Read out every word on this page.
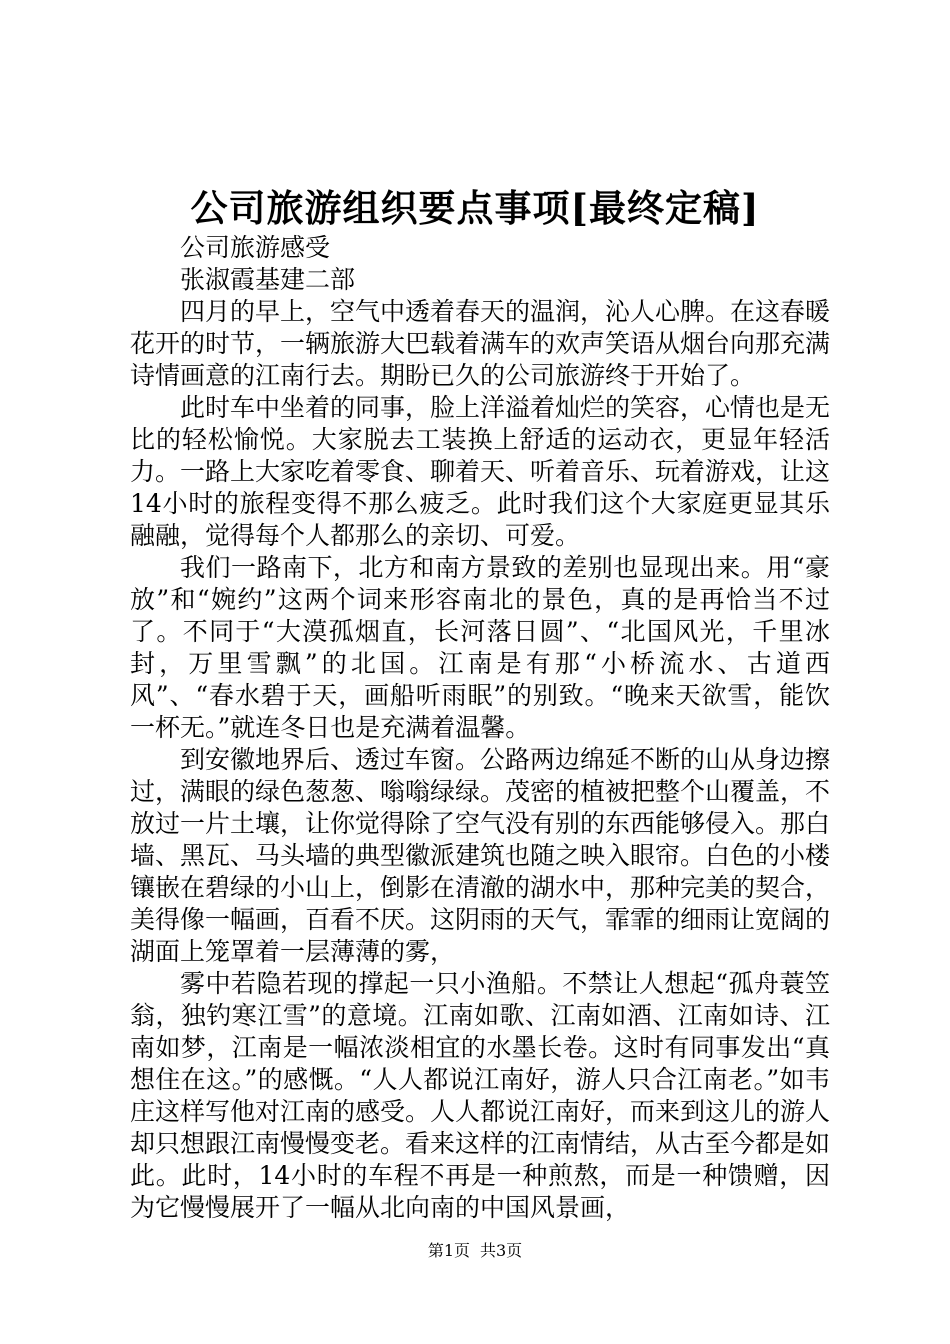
公司旅游组织要点事项[最终定稿]

公司旅游感受

张淑霞基建二部

四月的早上，空气中透着春天的温润，沁人心脾。在这春暖花开的时节，一辆旅游大巴载着满车的欢声笑语从烟台向那充满诗情画意的江南行去。期盼已久的公司旅游终于开始了。

此时车中坐着的同事，脸上洋溢着灿烂的笑容，心情也是无比的轻松愉悦。大家脱去工装换上舒适的运动衣，更显年轻活力。一路上大家吃着零食、聊着天、听着音乐、玩着游戏，让这14小时的旅程变得不那么疲乏。此时我们这个大家庭更显其乐融融，觉得每个人都那么的亲切、可爱。

我们一路南下，北方和南方景致的差别也显现出来。用“豪放”和“婉约”这两个词来形容南北的景色，真的是再恰当不过了。不同于“大漠孤烟直，长河落日圆”、“北国风光，千里冰封，万里雪飘”的北国。江南是有那“小桥流水、古道西风”、“春水碧于天，画船听雨眠”的别致。“晚来天欲雪，能饮一杯无。”就连冬日也是充满着温馨。

到安徽地界后、透过车窗。公路两边绵延不断的山从身边擦过，满眼的绿色葱葱、嗡嗡绿绿。茂密的植被把整个山覆盖，不放过一片土壤，让你觉得除了空气没有别的东西能够侵入。那白墙、黑瓦、马头墙的典型徽派建筑也随之映入眼帘。白色的小楼镶嵌在碧绿的小山上，倒影在清澈的湖水中，那种完美的契合，美得像一幅画，百看不厌。这阴雨的天气，霏霏的细雨让宽阔的湖面上笼罩着一层薄薄的雾，

雾中若隐若现的撑起一只小渔船。不禁让人想起“孤舟蓑笠翁，独钓寒江雪”的意境。江南如歌、江南如酒、江南如诗、江南如梦，江南是一幅浓淡相宜的水墨长卷。这时有同事发出“真想住在这。”的感慨。“人人都说江南好，游人只合江南老。”如韦庄这样写他对江南的感受。人人都说江南好，而来到这儿的游人却只想跟江南慢慢变老。看来这样的江南情结，从古至今都是如此。此时，14小时的车程不再是一种煎熬，而是一种馈赠，因为它慢慢展开了一幅从北向南的中国风景画，

第1页 共3页
